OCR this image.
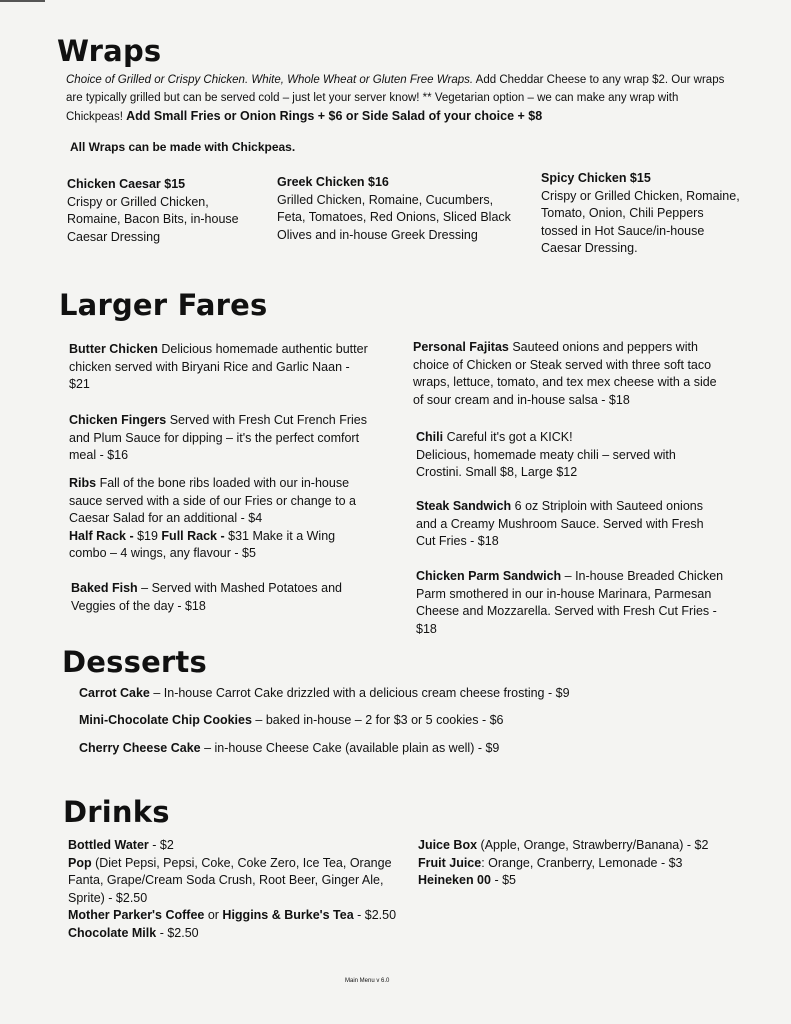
Wraps
Choice of Grilled or Crispy Chicken. White, Whole Wheat or Gluten Free Wraps. Add Cheddar Cheese to any wrap $2. Our wraps are typically grilled but can be served cold – just let your server know! ** Vegetarian option – we can make any wrap with Chickpeas! Add Small Fries or Onion Rings + $6 or Side Salad of your choice + $8
All Wraps can be made with Chickpeas.
Chicken Caesar $15
Crispy or Grilled Chicken, Romaine, Bacon Bits, in-house Caesar Dressing
Greek Chicken $16
Grilled Chicken, Romaine, Cucumbers, Feta, Tomatoes, Red Onions, Sliced Black Olives and in-house Greek Dressing
Spicy Chicken $15
Crispy or Grilled Chicken, Romaine, Tomato, Onion, Chili Peppers tossed in Hot Sauce/in-house Caesar Dressing.
Larger Fares
Butter Chicken Delicious homemade authentic butter chicken served with Biryani Rice and Garlic Naan - $21
Chicken Fingers Served with Fresh Cut French Fries and Plum Sauce for dipping – it's the perfect comfort meal - $16
Ribs Fall of the bone ribs loaded with our in-house sauce served with a side of our Fries or change to a Caesar Salad for an additional - $4
Half Rack - $19 Full Rack - $31 Make it a Wing combo – 4 wings, any flavour - $5
Baked Fish – Served with Mashed Potatoes and Veggies of the day - $18
Personal Fajitas Sauteed onions and peppers with choice of Chicken or Steak served with three soft taco wraps, lettuce, tomato, and tex mex cheese with a side of sour cream and in-house salsa - $18
Chili Careful it's got a KICK!
Delicious, homemade meaty chili – served with Crostini. Small $8, Large $12
Steak Sandwich 6 oz Striploin with Sauteed onions and a Creamy Mushroom Sauce. Served with Fresh Cut Fries - $18
Chicken Parm Sandwich – In-house Breaded Chicken Parm smothered in our in-house Marinara, Parmesan Cheese and Mozzarella. Served with Fresh Cut Fries - $18
Desserts
Carrot Cake – In-house Carrot Cake drizzled with a delicious cream cheese frosting - $9
Mini-Chocolate Chip Cookies – baked in-house – 2 for $3 or 5 cookies - $6
Cherry Cheese Cake – in-house Cheese Cake (available plain as well) - $9
Drinks
Bottled Water - $2
Pop (Diet Pepsi, Pepsi, Coke, Coke Zero, Ice Tea, Orange Fanta, Grape/Cream Soda Crush, Root Beer, Ginger Ale, Sprite) - $2.50
Mother Parker's Coffee or Higgins & Burke's Tea - $2.50
Chocolate Milk - $2.50
Juice Box (Apple, Orange, Strawberry/Banana) - $2
Fruit Juice: Orange, Cranberry, Lemonade - $3
Heineken 00 - $5
Main Menu v 6.0
